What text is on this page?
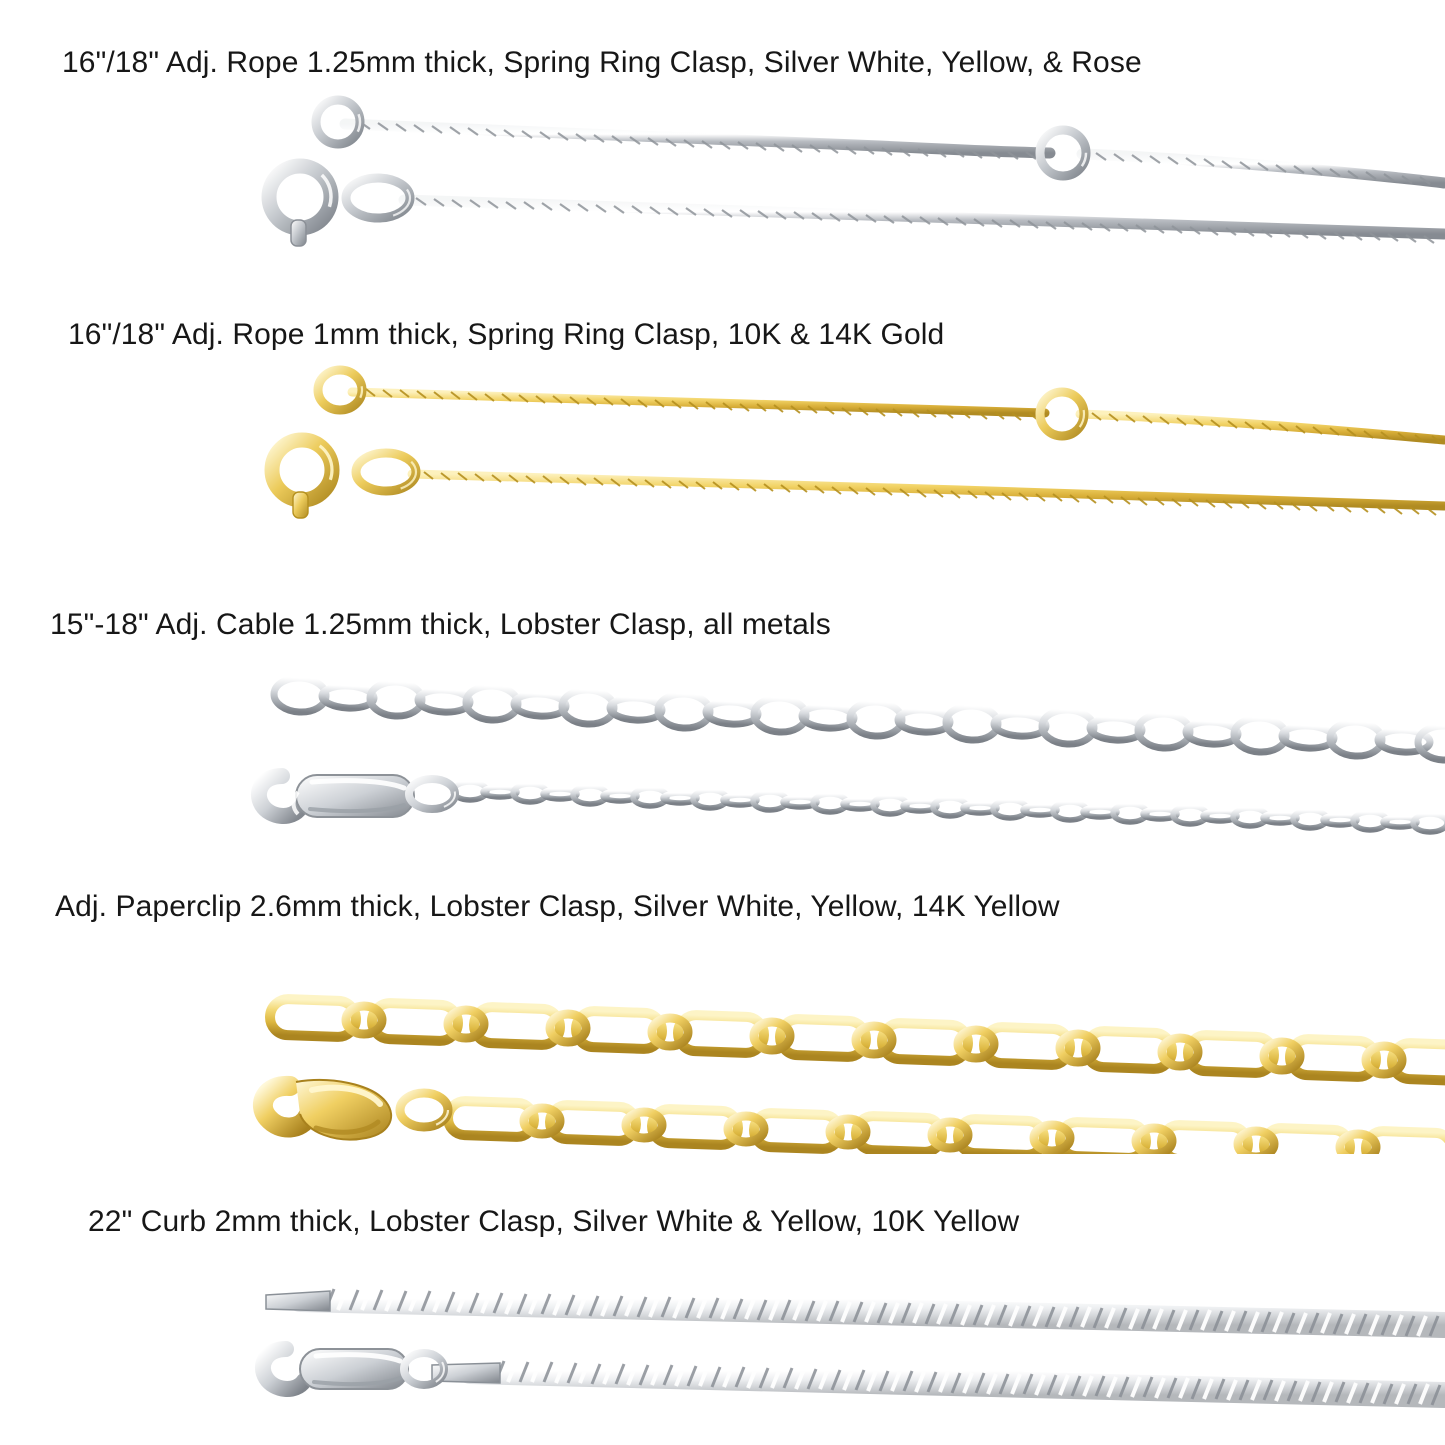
16"/18" Adj. Rope 1.25mm thick, Spring Ring Clasp, Silver White, Yellow, & Rose
16"/18" Adj. Rope 1mm thick, Spring Ring Clasp, 10K & 14K Gold
15"-18" Adj. Cable 1.25mm thick, Lobster Clasp, all metals
Adj. Paperclip 2.6mm thick, Lobster Clasp, Silver White, Yellow, 14K Yellow
22" Curb 2mm thick, Lobster Clasp, Silver White & Yellow, 10K Yellow
